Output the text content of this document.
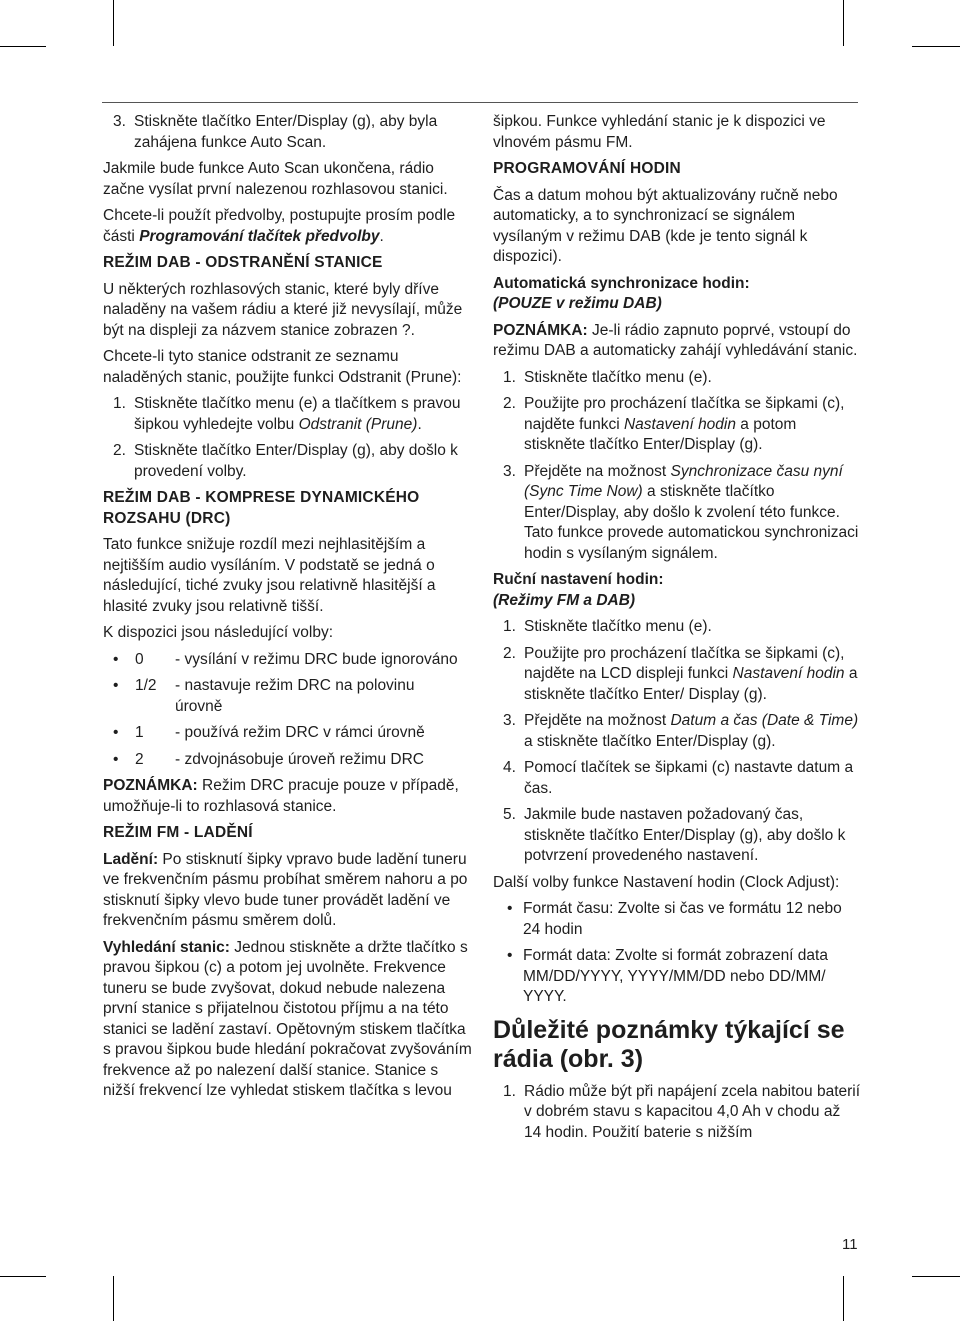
3. Stiskněte tlačítko Enter/Display (g), aby byla zahájena funkce Auto Scan.

Jakmile bude funkce Auto Scan ukončena, rádio začne vysílat první nalezenou rozhlasovou stanici.

Chcete-li použít předvolby, postupujte prosím podle části Programování tlačítek předvolby.

REŽIM DAB - ODSTRANĚNÍ STANICE

U některých rozhlasových stanic, které byly dříve naladěny na vašem rádiu a které již nevysílají, může být na displeji za názvem stanice zobrazen ?.

Chcete-li tyto stanice odstranit ze seznamu naladěných stanic, použijte funkci Odstranit (Prune):

1. Stiskněte tlačítko menu (e) a tlačítkem s pravou šipkou vyhledejte volbu Odstranit (Prune).
2. Stiskněte tlačítko Enter/Display (g), aby došlo k provedení volby.
REŽIM DAB - KOMPRESE DYNAMICKÉHO ROZSAHU (DRC)

Tato funkce snižuje rozdíl mezi nejhlasitějším a nejtišším audio vysíláním. V podstatě se jedná o následující, tiché zvuky jsou relativně hlasitější a hlasité zvuky jsou relativně tišší.

K dispozici jsou následující volby:

•	0	- vysílání v režimu DRC bude ignorováno
•	1/2	- nastavuje režim DRC na polovinu úrovně
•	1	- používá režim DRC v rámci úrovně
•	2	- zdvojnásobuje úroveň režimu DRC

POZNÁMKA: Režim DRC pracuje pouze v případě, umožňuje-li to rozhlasová stanice.

REŽIM FM - LADĚNÍ

Ladění: Po stisknutí šipky vpravo bude ladění tuneru ve frekvenčním pásmu probíhat směrem nahoru a po stisknutí šipky vlevo bude tuner provádět ladění ve frekvenčním pásmu směrem dolů.

Vyhledání stanic: Jednou stiskněte a držte tlačítko s pravou šipkou (c) a potom jej uvolněte. Frekvence tuneru se bude zvyšovat, dokud nebude nalezena první stanice s přijatelnou čistotou příjmu a na této stanici se ladění zastaví. Opětovným stiskem tlačítka s pravou šipkou bude hledání pokračovat zvyšováním frekvence až po nalezení další stanice. Stanice s nižší frekvencí lze vyhledat stiskem tlačítka s levou

šipkou. Funkce vyhledání stanic je k dispozici ve vlnovém pásmu FM.

PROGRAMOVÁNÍ HODIN

Čas a datum mohou být aktualizovány ručně nebo automaticky, a to synchronizací se signálem vysílaným v režimu DAB (kde je tento signál k dispozici).

Automatická synchronizace hodin:

(POUZE v režimu DAB)

POZNÁMKA: Je-li rádio zapnuto poprvé, vstoupí do režimu DAB a automaticky zahájí vyhledávání stanic.

1. Stiskněte tlačítko menu (e).
2. Použijte pro procházení tlačítka se šipkami (c), najděte funkci Nastavení hodin a potom stiskněte tlačítko Enter/Display (g).
3. Přejděte na možnost Synchronizace času nyní (Sync Time Now) a stiskněte tlačítko Enter/Display, aby došlo k zvolení této funkce. Tato funkce provede automatickou synchronizaci hodin s vysílaným signálem.
Ruční nastavení hodin:

(Režimy FM a DAB)

1. Stiskněte tlačítko menu (e).
2. Použijte pro procházení tlačítka se šipkami (c), najděte na LCD displeji funkci Nastavení hodin a stiskněte tlačítko Enter/ Display (g).
3. Přejděte na možnost Datum a čas (Date & Time) a stiskněte tlačítko Enter/Display (g).
4. Pomocí tlačítek se šipkami (c) nastavte datum a čas.
5. Jakmile bude nastaven požadovaný čas, stiskněte tlačítko Enter/Display (g), aby došlo k potvrzení provedeného nastavení.

Další volby funkce Nastavení hodin (Clock Adjust):

• Formát času: Zvolte si čas ve formátu 12 nebo 24 hodin
• Formát data: Zvolte si formát zobrazení data MM/DD/YYYY, YYYY/MM/DD nebo DD/MM/ YYYY.
Důležité poznámky týkající se rádia (obr. 3)
1. Rádio může být při napájení zcela nabitou baterií v dobrém stavu s kapacitou 4,0 Ah v chodu až 14 hodin. Použití baterie s nižším
11
